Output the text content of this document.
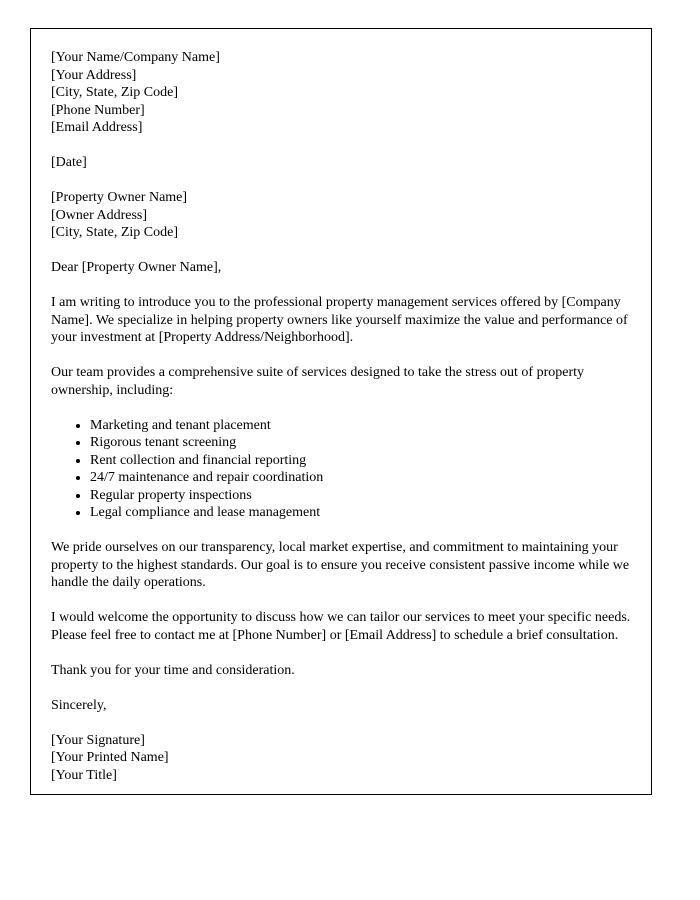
[Your Name/Company Name]
[Your Address]
[City, State, Zip Code]
[Phone Number]
[Email Address]
[Date]
[Property Owner Name]
[Owner Address]
[City, State, Zip Code]

Dear [Property Owner Name],

I am writing to introduce you to the professional property management services offered by [Company Name]. We specialize in helping property owners like yourself maximize the value and performance of your investment at [Property Address/Neighborhood].

Our team provides a comprehensive suite of services designed to take the stress out of property ownership, including:

• Marketing and tenant placement
• Rigorous tenant screening
• Rent collection and financial reporting
• 24/7 maintenance and repair coordination
• Regular property inspections
• Legal compliance and lease management

We pride ourselves on our transparency, local market expertise, and commitment to maintaining your property to the highest standards. Our goal is to ensure you receive consistent passive income while we handle the daily operations.

I would welcome the opportunity to discuss how we can tailor our services to meet your specific needs. Please feel free to contact me at [Phone Number] or [Email Address] to schedule a brief consultation.

Thank you for your time and consideration.

Sincerely,

[Your Signature]
[Your Printed Name]
[Your Title]
